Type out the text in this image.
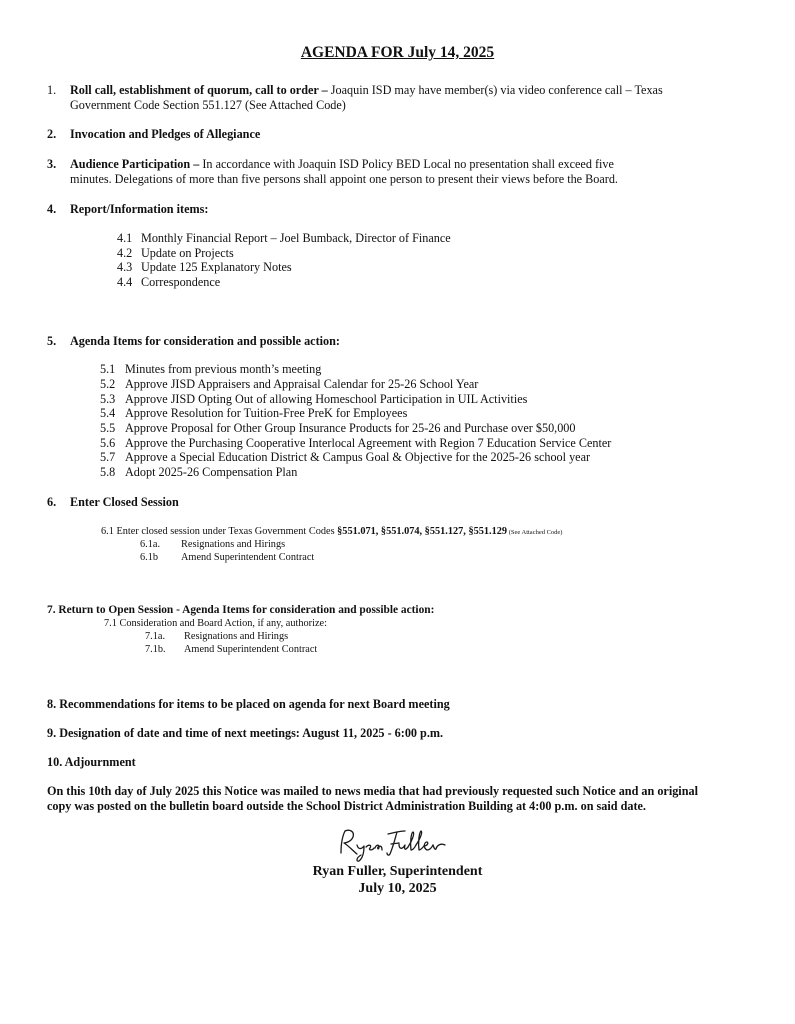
AGENDA FOR July 14, 2025
1. Roll call, establishment of quorum, call to order – Joaquin ISD may have member(s) via video conference call – Texas
Government Code Section 551.127 (See Attached Code)
2. Invocation and Pledges of Allegiance
3. Audience Participation – In accordance with Joaquin ISD Policy BED Local no presentation shall exceed five
minutes. Delegations of more than five persons shall appoint one person to present their views before the Board.
4. Report/Information items:
4.1 Monthly Financial Report – Joel Bumback, Director of Finance
4.2 Update on Projects
4.3 Update 125 Explanatory Notes
4.4 Correspondence
5. Agenda Items for consideration and possible action:
5.1 Minutes from previous month’s meeting
5.2 Approve JISD Appraisers and Appraisal Calendar for 25-26 School Year
5.3 Approve JISD Opting Out of allowing Homeschool Participation in UIL Activities
5.4 Approve Resolution for Tuition-Free PreK for Employees
5.5 Approve Proposal for Other Group Insurance Products for 25-26 and Purchase over $50,000
5.6 Approve the Purchasing Cooperative Interlocal Agreement with Region 7 Education Service Center
5.7 Approve a Special Education District & Campus Goal & Objective for the 2025-26 school year
5.8 Adopt 2025-26 Compensation Plan
6. Enter Closed Session
6.1 Enter closed session under Texas Government Codes §551.071, §551.074, §551.127, §551.129 (See Attached Code)
6.1a. Resignations and Hirings
6.1b Amend Superintendent Contract
7. Return to Open Session - Agenda Items for consideration and possible action:
7.1 Consideration and Board Action, if any, authorize:
7.1a. Resignations and Hirings
7.1b. Amend Superintendent Contract
8. Recommendations for items to be placed on agenda for next Board meeting
9. Designation of date and time of next meetings: August 11, 2025 - 6:00 p.m.
10. Adjournment
On this 10th day of July 2025 this Notice was mailed to news media that had previously requested such Notice and an original
copy was posted on the bulletin board outside the School District Administration Building at 4:00 p.m. on said date.
Ryan Fuller, Superintendent
July 10, 2025
